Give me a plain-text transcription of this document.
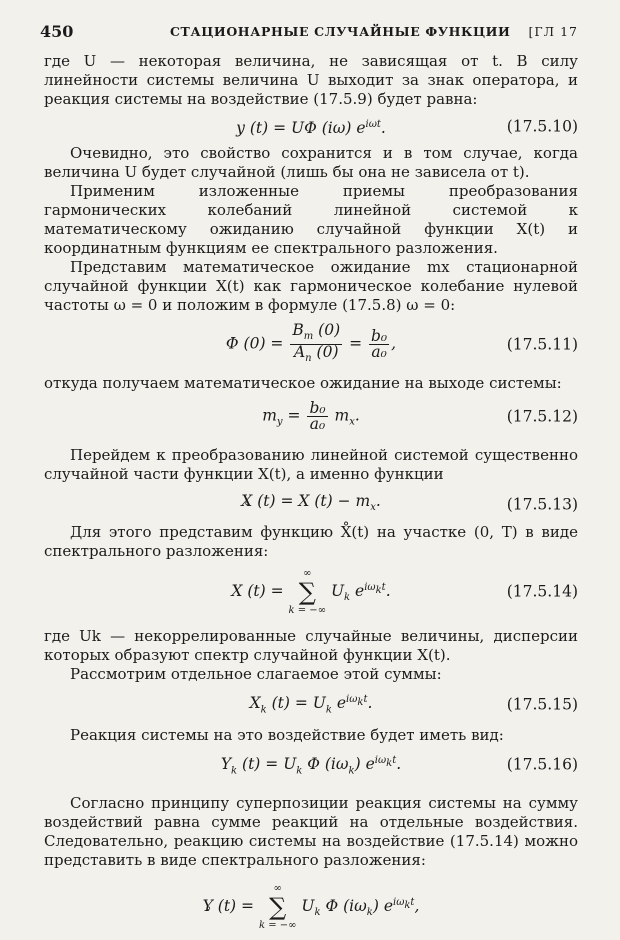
450	СТАЦИОНАРНЫЕ СЛУЧАЙНЫЕ ФУНКЦИИ [ГЛ 17

где U — некоторая величина, не зависящая от t. В силу линейности системы величина U выходит за знак оператора, и реакция системы на воздействие (17.5.9) будет равна:

y (t) = UΦ (iω) $e^{i\omega t}$.	(17.5.10)

Очевидно, это свойство сохранится и в том случае, когда величина U будет случайной (лишь бы она не зависела от t).

Применим изложенные приемы преобразования гармонических колебаний линейной системой к математическому ожиданию случайной функции X(t) и координатным функциям ее спектрального разложения.

Представим математическое ожидание mx стационарной случайной функции X(t) как гармоническое колебание нулевой частоты ω = 0 и положим в формуле (17.5.8) ω = 0:

Φ $(0) = \frac{B_m (0)}{A_n (0)} = \frac{\text{b₀}}{\text{a₀}}$ ,	(17.5.11)

откуда получаем математическое ожидание на выходе системы:

$m_y = \frac{\text{b₀}}{\text{a₀}} m_x$.	(17.5.12)

Перейдем к преобразованию линейной системой существенно случайной части функции X(t), а именно функции

X (t) = X $(t) - m_x$.	(17.5.13)

Для этого представим функцию X̊(t) на участке (0, T) в виде спектрального разложения:

X (t) =
∞
∑
k = −∞
$U_k$ $e^{i\omega_kt}$.	(17.5.14)

где Uk — некоррелированные случайные величины, дисперсии которых образуют спектр случайной функции X(t).

Рассмотрим отдельное слагаемое этой суммы:

$X_k$ $(t) = U_k$ $e^{i\omega_kt}$.	(17.5.15)

Реакция системы на это воздействие будет иметь вид:

$Y_k$ $(t) = U_k$ Φ $(i\omega_k)$ $e^{i\omega_kt}$.	(17.5.16)

Согласно принципу суперпозиции реакция системы на сумму воздействий равна сумме реакций на отдельные воздействия. Следовательно, реакцию системы на воздействие (17.5.14) можно представить в виде спектрального разложения:

Y (t) =
∞
∑
k = −∞
$U_k$ Φ $(i\omega_k)$ $e^{i\omega_kt}$,
